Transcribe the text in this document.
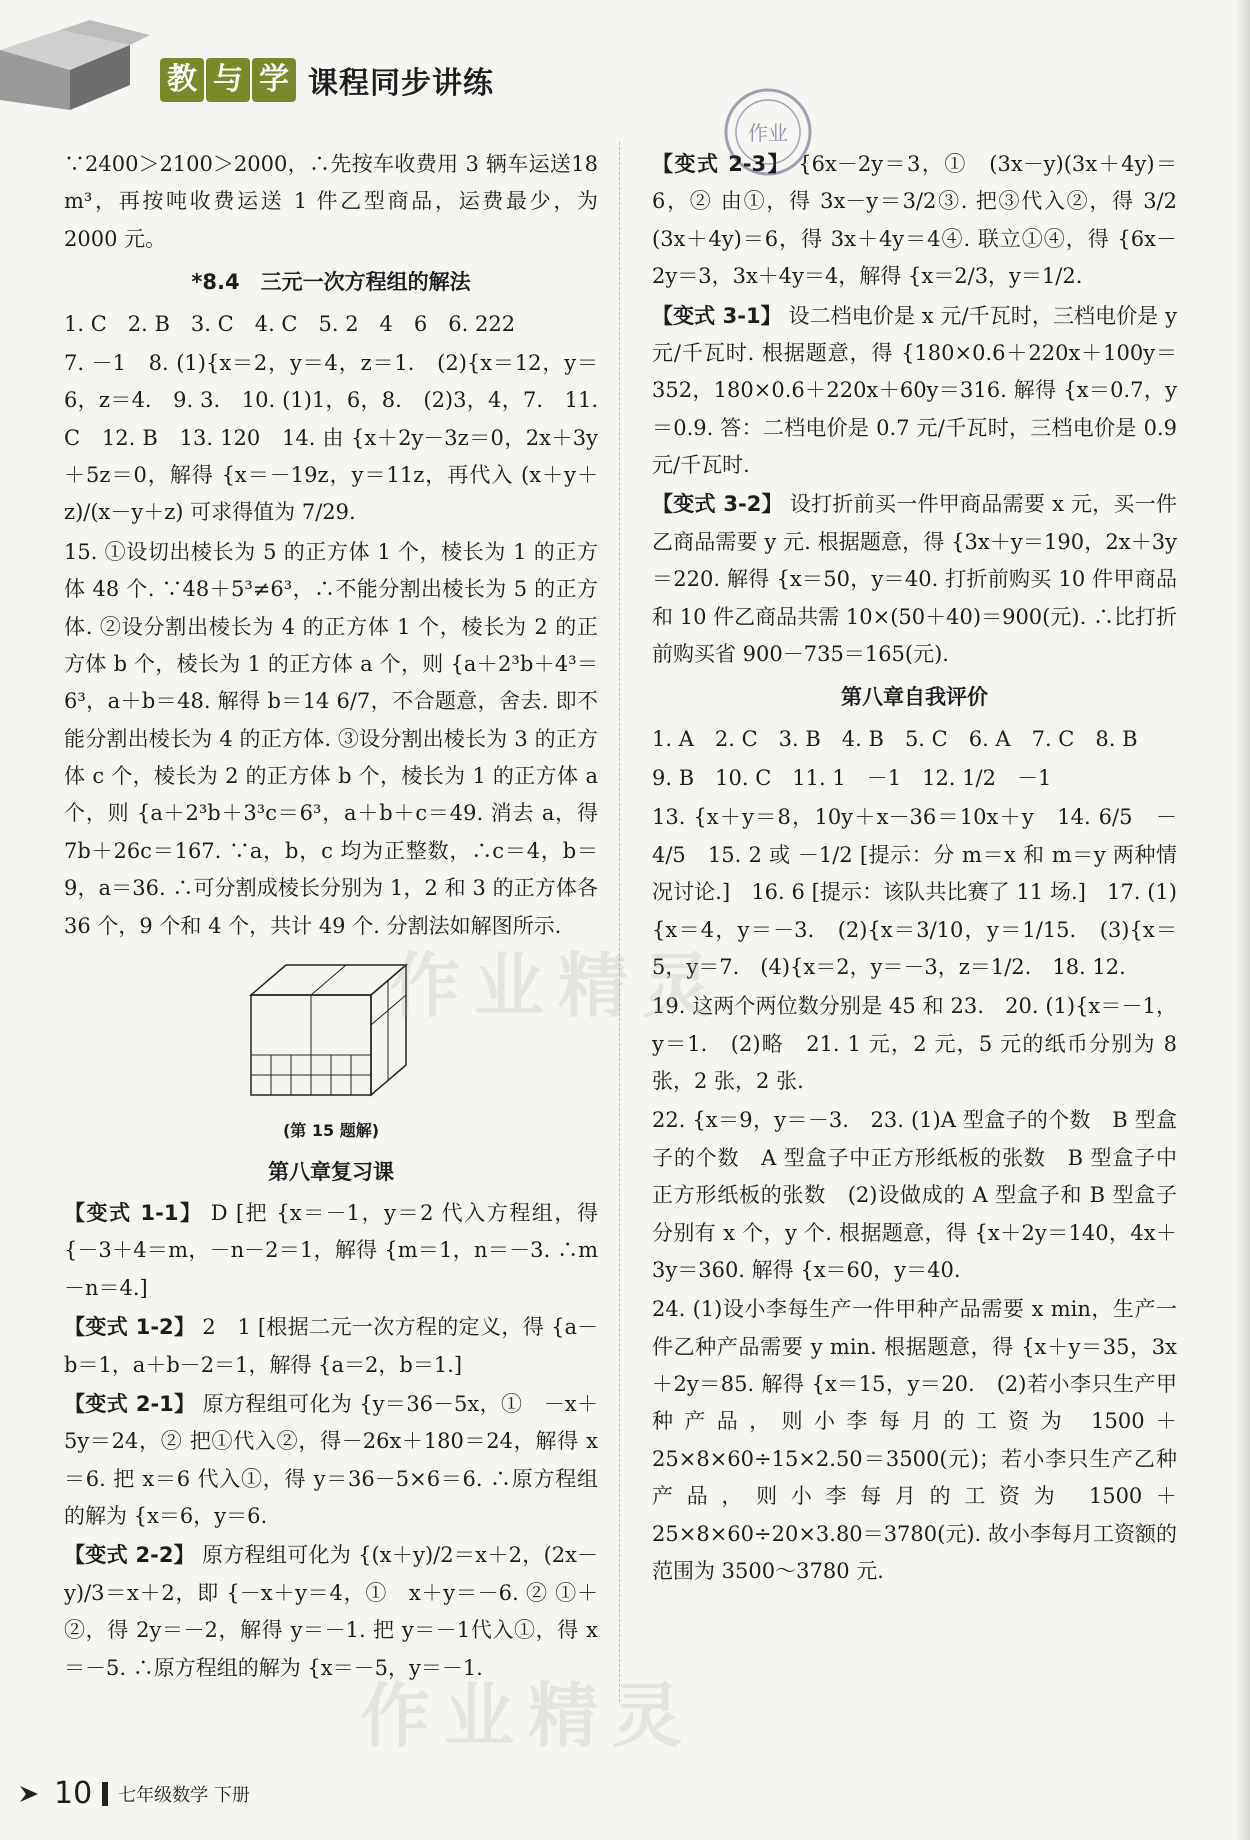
教 与 学 课程同步讲练
作业

∵2400＞2100＞2000，∴先按车收费用 3 辆车运送18 m³，再按吨收费运送 1 件乙型商品，运费最少，为 2000 元。

*8.4　三元一次方程组的解法

1. C　2. B　3. C　4. C　5. 2　4　6　6. 222

7. －1　8. (1){x＝2，y＝4，z＝1.　(2){x＝12，y＝6，z＝4.　9. 3.　10. (1)1，6，8.　(2)3，4，7.　11. C　12. B　13. 120　14. 由 {x＋2y－3z＝0，2x＋3y＋5z＝0，解得 {x＝－19z，y＝11z，再代入 (x＋y＋z)/(x－y＋z) 可求得值为 7/29.

15. ①设切出棱长为 5 的正方体 1 个，棱长为 1 的正方体 48 个. ∵48＋5³≠6³，∴不能分割出棱长为 5 的正方体. ②设分割出棱长为 4 的正方体 1 个，棱长为 2 的正方体 b 个，棱长为 1 的正方体 a 个，则 {a＋2³b＋4³＝6³，a＋b＝48. 解得 b＝14 6/7，不合题意，舍去. 即不能分割出棱长为 4 的正方体. ③设分割出棱长为 3 的正方体 c 个，棱长为 2 的正方体 b 个，棱长为 1 的正方体 a 个，则 {a＋2³b＋3³c＝6³，a＋b＋c＝49. 消去 a，得 7b＋26c＝167. ∵a，b，c 均为正整数，∴c＝4，b＝9，a＝36. ∴可分割成棱长分别为 1，2 和 3 的正方体各 36 个，9 个和 4 个，共计 49 个. 分割法如解图所示.

(第 15 题解)
第八章复习课

【变式 1-1】 D [把 {x＝－1，y＝2 代入方程组，得 {－3＋4＝m，－n－2＝1，解得 {m＝1，n＝－3. ∴m－n＝4.]

【变式 1-2】 2　1 [根据二元一次方程的定义，得 {a－b＝1，a＋b－2＝1，解得 {a＝2，b＝1.]

【变式 2-1】 原方程组可化为 {y＝36－5x，①　－x＋5y＝24，② 把①代入②，得－26x＋180＝24，解得 x＝6. 把 x＝6 代入①，得 y＝36－5×6＝6. ∴原方程组的解为 {x＝6，y＝6.

【变式 2-2】 原方程组可化为 {(x＋y)/2＝x＋2，(2x－y)/3＝x＋2，即 {－x＋y＝4，①　x＋y＝－6. ② ①＋②，得 2y＝－2，解得 y＝－1. 把 y＝－1代入①，得 x＝－5. ∴原方程组的解为 {x＝－5，y＝－1.

【变式 2-3】 {6x－2y＝3，①　(3x－y)(3x＋4y)＝6，② 由①，得 3x－y＝3/2③. 把③代入②，得 3/2 (3x＋4y)＝6，得 3x＋4y＝4④. 联立①④，得 {6x－2y＝3，3x＋4y＝4，解得 {x＝2/3，y＝1/2.

【变式 3-1】 设二档电价是 x 元/千瓦时，三档电价是 y 元/千瓦时. 根据题意，得 {180×0.6＋220x＋100y＝352，180×0.6＋220x＋60y＝316. 解得 {x＝0.7，y＝0.9. 答：二档电价是 0.7 元/千瓦时，三档电价是 0.9 元/千瓦时.

【变式 3-2】 设打折前买一件甲商品需要 x 元，买一件乙商品需要 y 元. 根据题意，得 {3x＋y＝190，2x＋3y＝220. 解得 {x＝50，y＝40. 打折前购买 10 件甲商品和 10 件乙商品共需 10×(50＋40)＝900(元). ∴比打折前购买省 900－735＝165(元).

第八章自我评价

1. A　2. C　3. B　4. B　5. C　6. A　7. C　8. B

9. B　10. C　11. 1　－1　12. 1/2　－1

13. {x＋y＝8，10y＋x－36＝10x＋y　14. 6/5　－4/5　15. 2 或 －1/2 [提示：分 m＝x 和 m＝y 两种情况讨论.]　16. 6 [提示：该队共比赛了 11 场.]　17. (1){x＝4，y＝－3.　(2){x＝3/10，y＝1/15.　(3){x＝5，y＝7.　(4){x＝2，y＝－3，z＝1/2.　18. 12.

19. 这两个两位数分别是 45 和 23.　20. (1){x＝－1，y＝1.　(2)略　21. 1 元，2 元，5 元的纸币分别为 8 张，2 张，2 张.

22. {x＝9，y＝－3.　23. (1)A 型盒子的个数　B 型盒子的个数　A 型盒子中正方形纸板的张数　B 型盒子中正方形纸板的张数　(2)设做成的 A 型盒子和 B 型盒子分别有 x 个，y 个. 根据题意，得 {x＋2y＝140，4x＋3y＝360. 解得 {x＝60，y＝40.

24. (1)设小李每生产一件甲种产品需要 x min，生产一件乙种产品需要 y min. 根据题意，得 {x＋y＝35，3x＋2y＝85. 解得 {x＝15，y＝20.　(2)若小李只生产甲种产品，则小李每月的工资为 1500＋25×8×60÷15×2.50＝3500(元)；若小李只生产乙种产品，则小李每月的工资为 1500＋25×8×60÷20×3.80＝3780(元). 故小李每月工资额的范围为 3500～3780 元.

作业精灵
作业精灵
10 七年级数学 下册
